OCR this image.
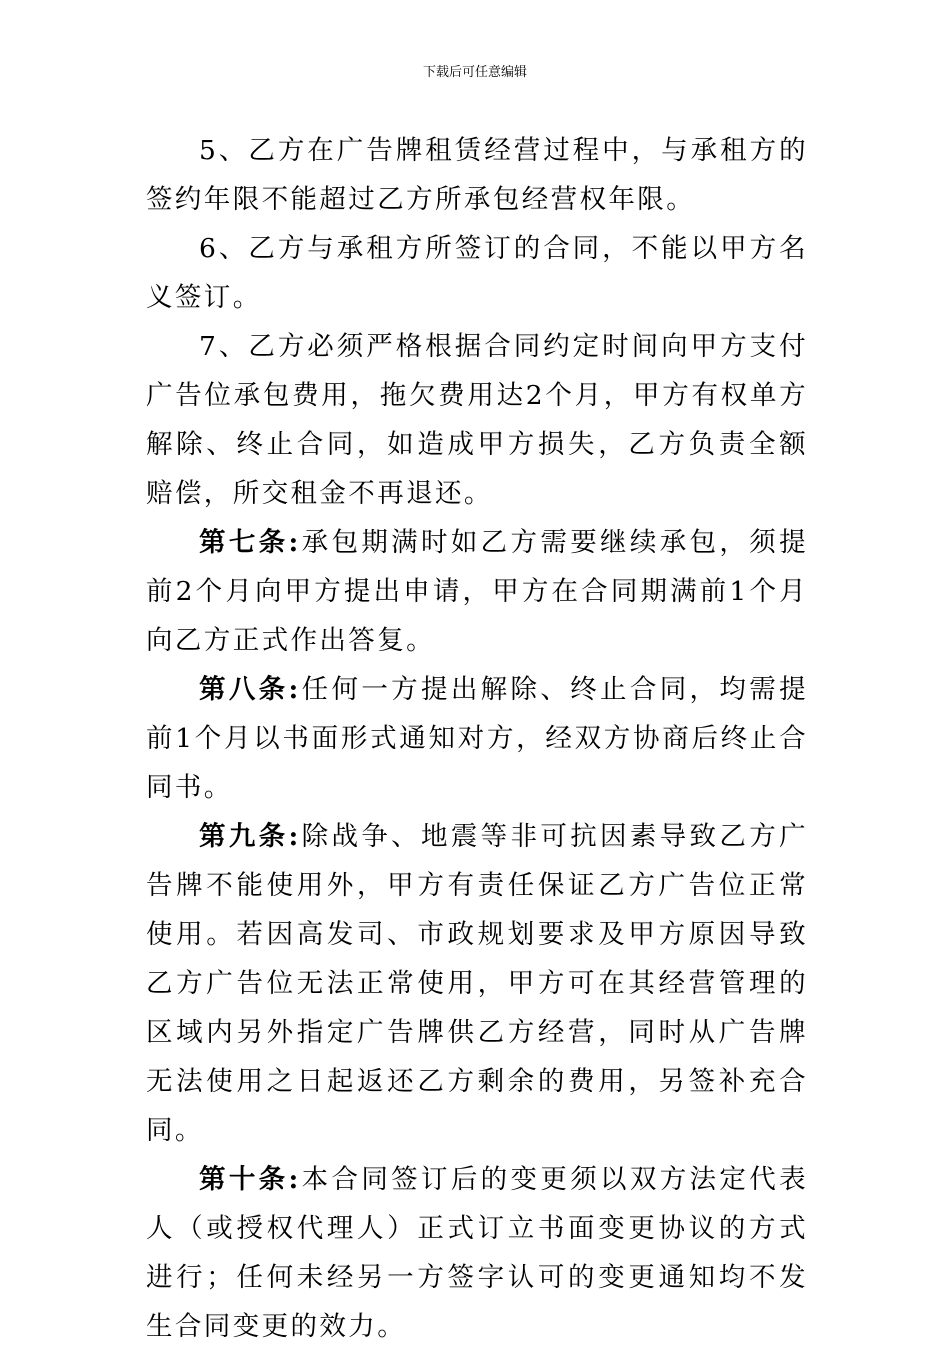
下载后可任意编辑

5、乙方在广告牌租赁经营过程中，与承租方的签约年限不能超过乙方所承包经营权年限。

6、乙方与承租方所签订的合同，不能以甲方名义签订。

7、乙方必须严格根据合同约定时间向甲方支付广告位承包费用，拖欠费用达2个月，甲方有权单方解除、终止合同，如造成甲方损失，乙方负责全额赔偿，所交租金不再退还。

第七条:承包期满时如乙方需要继续承包，须提前2个月向甲方提出申请，甲方在合同期满前1个月向乙方正式作出答复。

第八条:任何一方提出解除、终止合同，均需提前1个月以书面形式通知对方，经双方协商后终止合同书。

第九条:除战争、地震等非可抗因素导致乙方广告牌不能使用外，甲方有责任保证乙方广告位正常使用。若因高发司、市政规划要求及甲方原因导致乙方广告位无法正常使用，甲方可在其经营管理的区域内另外指定广告牌供乙方经营，同时从广告牌无法使用之日起返还乙方剩余的费用，另签补充合同。

第十条:本合同签订后的变更须以双方法定代表人（或授权代理人）正式订立书面变更协议的方式进行；任何未经另一方签字认可的变更通知均不发生合同变更的效力。
